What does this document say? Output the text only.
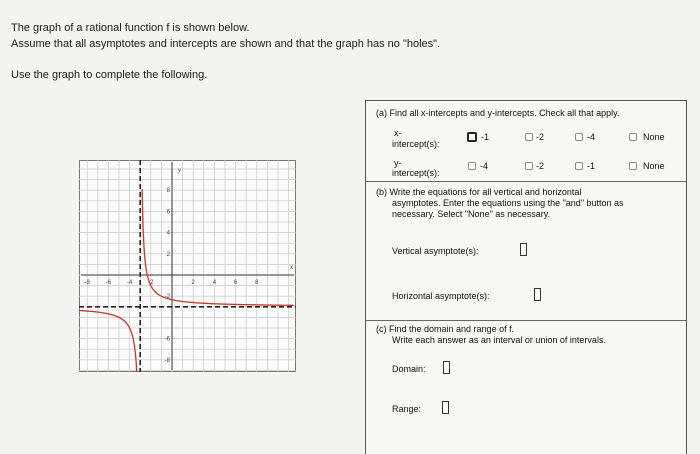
The graph of a rational function f is shown below.
Assume that all asymptotes and intercepts are shown and that the graph has no "holes".
Use the graph to complete the following.
x
y
-8	-6	-4	-2	2	4	6	8
8
6
4
2
-2
-6
-8
(a) Find all x-intercepts and y-intercepts. Check all that apply.
x-
intercept(s):
-1	-2	-4	None
y-
intercept(s):
-4	-2	-1	None
(b) Write the equations for all vertical and horizontal
asymptotes. Enter the equations using the "and" button as
necessary. Select "None" as necessary.
Vertical asymptote(s):
Horizontal asymptote(s):
(c) Find the domain and range of f.
Write each answer as an interval or union of intervals.
Domain:
Range:
